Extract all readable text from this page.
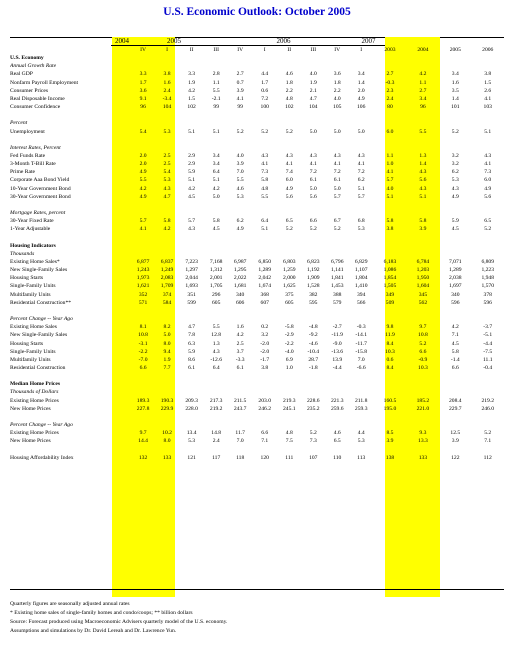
U.S. Economic Outlook: October 2005
2004	2005	2006	2007
	IV	I	II	III	IV	I	II	III	IV	I	2003	2004	2005	2006
U.S. Economy														
Annual Growth Rate														
Real GDP	3.3	3.8	3.3	2.8	2.7	4.4	4.6	4.0	3.6	3.4	2.7	4.2	3.4	3.8
Nonfarm Payroll Employment	1.7	1.6	1.9	1.1	0.7	1.7	1.8	1.9	1.8	1.4	-0.3	1.1	1.6	1.5
Consumer Prices	3.6	2.4	4.2	5.5	3.9	0.6	2.2	2.1	2.2	2.0	2.3	2.7	3.5	2.6
Real Disposable Income	9.1	-3.4	1.5	-2.1	4.1	7.2	4.8	4.7	4.0	4.9	2.4	3.4	1.4	4.1
Consumer Confidence	96	104	102	99	99	100	102	104	105	106	80	96	101	103

Percent														
Unemployment	5.4	5.3	5.1	5.1	5.2	5.2	5.2	5.0	5.0	5.0	6.0	5.5	5.2	5.1

Interest Rates, Percent														
Fed Funds Rate	2.0	2.5	2.9	3.4	4.0	4.3	4.3	4.3	4.3	4.3	1.1	1.3	3.2	4.3
3-Month T-Bill Rate	2.0	2.5	2.9	3.4	3.9	4.1	4.1	4.1	4.1	4.1	1.0	1.4	3.2	4.1
Prime Rate	4.9	5.4	5.9	6.4	7.0	7.3	7.4	7.2	7.2	7.2	4.1	4.3	6.2	7.3
Corporate Aaa Bond Yield	5.5	5.3	5.1	5.1	5.5	5.8	6.0	6.1	6.1	6.2	5.7	5.6	5.3	6.0
10-Year Government Bond	4.2	4.3	4.2	4.2	4.6	4.8	4.9	5.0	5.0	5.1	4.0	4.3	4.3	4.9
30-Year Government Bond	4.9	4.7	4.5	5.0	5.3	5.5	5.6	5.6	5.7	5.7	5.1	5.1	4.9	5.6

Mortgage Rates, percent														
30-Year Fixed Rate	5.7	5.8	5.7	5.8	6.2	6.4	6.5	6.6	6.7	6.8	5.8	5.8	5.9	6.5
1-Year Adjustable	4.1	4.2	4.3	4.5	4.9	5.1	5.2	5.2	5.2	5.3	3.8	3.9	4.5	5.2

Housing Indicators														
Thousands														
Existing Home Sales*	6,877	6,837	7,223	7,168	6,987	6,850	6,803	6,823	6,796	6,829	6,183	6,784	7,071	6,809
New Single-Family Sales	1,243	1,249	1,297	1,312	1,295	1,289	1,259	1,192	1,141	1,107	1,086	1,203	1,289	1,223
Housing Starts	1,973	2,083	2,044	2,001	2,022	2,042	2,000	1,909	1,841	1,804	1,854	1,950	2,038	1,948
Single-Family Units	1,621	1,709	1,693	1,705	1,681	1,674	1,625	1,528	1,453	1,410	1,505	1,604	1,697	1,570
Multifamily Units	352	374	351	296	340	368	375	382	388	394	349	345	340	378
Residential Construction**	571	584	599	605	606	607	605	595	579	566	509	562	596	596

Percent Change -- Year Ago														
Existing Home Sales	8.1	8.2	4.7	5.5	1.6	0.2	-5.8	-4.8	-2.7	-0.3	9.8	9.7	4.2	-3.7
New Single-Family Sales	10.8	5.0	7.8	12.8	4.2	3.2	-2.9	-9.2	-11.9	-14.1	11.9	10.8	7.1	-5.1
Housing Starts	-3.1	8.0	6.3	1.3	2.5	-2.0	-2.2	-4.6	-9.0	-11.7	8.4	5.2	4.5	-4.4
Single-Family Units	-2.2	9.4	5.9	4.3	3.7	-2.0	-4.0	-10.4	-13.6	-15.8	10.3	6.6	5.8	-7.5
Multifamily Units	-7.0	1.9	8.6	-12.6	-3.3	-1.7	6.9	28.7	13.9	7.0	0.6	-0.9	-1.4	11.1
Residential Construction	6.6	7.7	6.1	6.4	6.1	3.8	1.0	-1.8	-4.4	-6.6	8.4	10.3	6.6	-0.4

Median Home Prices														
Thousands of Dollars														
Existing Home Prices	189.3	190.3	209.3	217.3	211.5	203.0	219.3	228.6	221.3	211.8	160.5	185.2	208.4	219.2
New Home Prices	227.8	229.9	228.0	219.2	243.7	246.2	245.1	235.2	259.6	259.3	195.0	221.0	229.7	246.0

Percent Change -- Year Ago														
Existing Home Prices	9.7	10.2	13.4	14.8	11.7	6.6	4.8	5.2	4.6	4.4	8.5	9.3	12.5	5.2
New Home Prices	14.4	8.0	5.3	2.4	7.0	7.1	7.5	7.3	6.5	5.3	3.9	13.3	3.9	7.1

Housing Affordability Index	132	133	121	117	118	120	111	107	110	113	138	133	122	112
Quarterly figures are seasonally adjusted annual rates
* Existing home sales of single-family homes and condo/coops; ** billion dollars
Source: Forecast produced using Macroeconomic Advisers quarterly model of the U.S. economy.
Assumptions and simulations by Dr. David Lereah and Dr. Lawrence Yun.
